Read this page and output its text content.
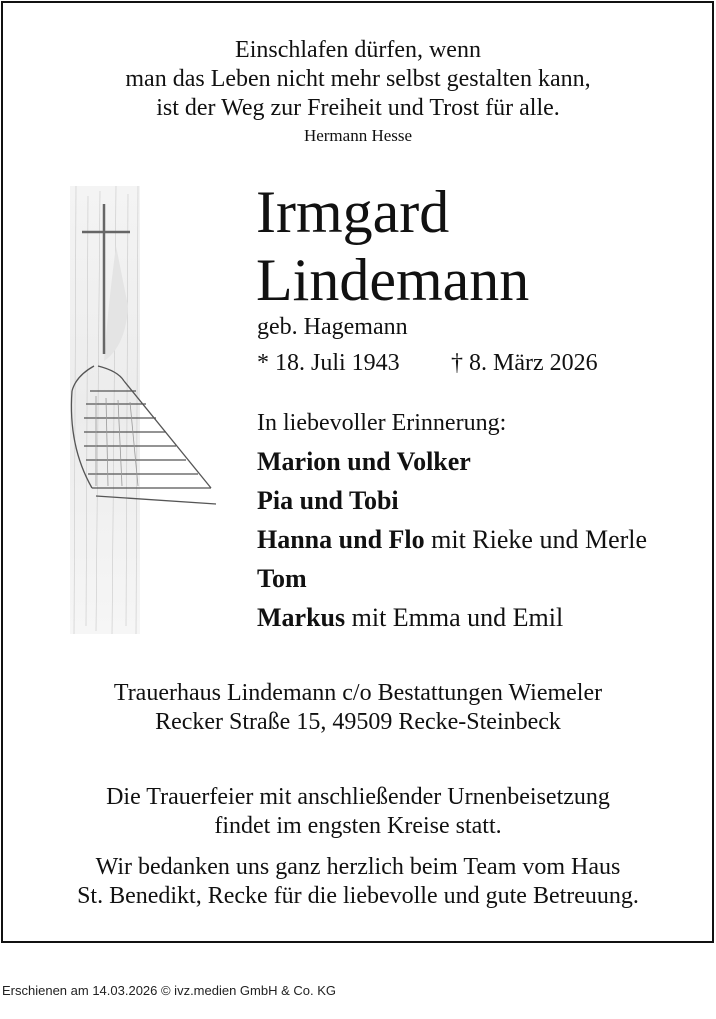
Einschlafen dürfen, wenn
man das Leben nicht mehr selbst gestalten kann,
ist der Weg zur Freiheit und Trost für alle.
Hermann Hesse
Irmgard
Lindemann
geb. Hagemann
* 18. Juli 1943 † 8. März 2026
In liebevoller Erinnerung:
Marion und Volker
Pia und Tobi
Hanna und Flo mit Rieke und Merle
Tom
Markus mit Emma und Emil
Trauerhaus Lindemann c/o Bestattungen Wiemeler
Recker Straße 15, 49509 Recke-Steinbeck
Die Trauerfeier mit anschließender Urnenbeisetzung
findet im engsten Kreise statt.
Wir bedanken uns ganz herzlich beim Team vom Haus
St. Benedikt, Recke für die liebevolle und gute Betreuung.
Erschienen am 14.03.2026 © ivz.medien GmbH & Co. KG
